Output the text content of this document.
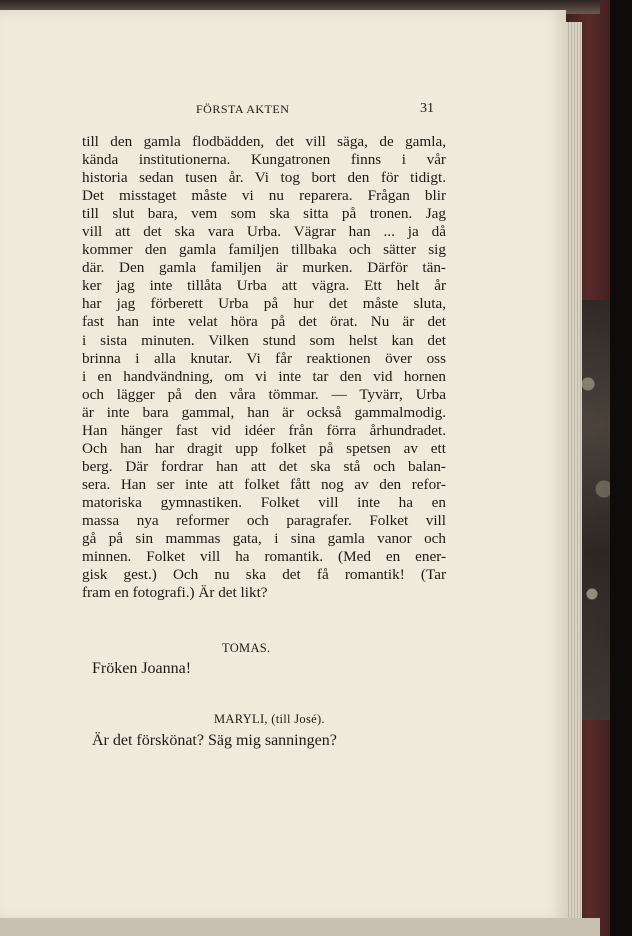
FÖRSTA AKTEN	31
till den gamla flodbädden, det vill säga, de gamla,
kända institutionerna. Kungatronen finns i vår
historia sedan tusen år. Vi tog bort den för tidigt.
Det misstaget måste vi nu reparera. Frågan blir
till slut bara, vem som ska sitta på tronen. Jag
vill att det ska vara Urba. Vägrar han ... ja då
kommer den gamla familjen tillbaka och sätter sig
där. Den gamla familjen är murken. Därför tän-
ker jag inte tillåta Urba att vägra. Ett helt år
har jag förberett Urba på hur det måste sluta,
fast han inte velat höra på det örat. Nu är det
i sista minuten. Vilken stund som helst kan det
brinna i alla knutar. Vi får reaktionen över oss
i en handvändning, om vi inte tar den vid hornen
och lägger på den våra tömmar. — Tyvärr, Urba
är inte bara gammal, han är också gammalmodig.
Han hänger fast vid idéer från förra århundradet.
Och han har dragit upp folket på spetsen av ett
berg. Där fordrar han att det ska stå och balan-
sera. Han ser inte att folket fått nog av den refor-
matoriska gymnastiken. Folket vill inte ha en
massa nya reformer och paragrafer. Folket vill
gå på sin mammas gata, i sina gamla vanor och
minnen. Folket vill ha romantik. (Med en ener-
gisk gest.) Och nu ska det få romantik! (Tar
fram en fotografi.) Är det likt?
TOMAS.
Fröken Joanna!
MARYLI, (till José).
Är det förskönat? Säg mig sanningen?
